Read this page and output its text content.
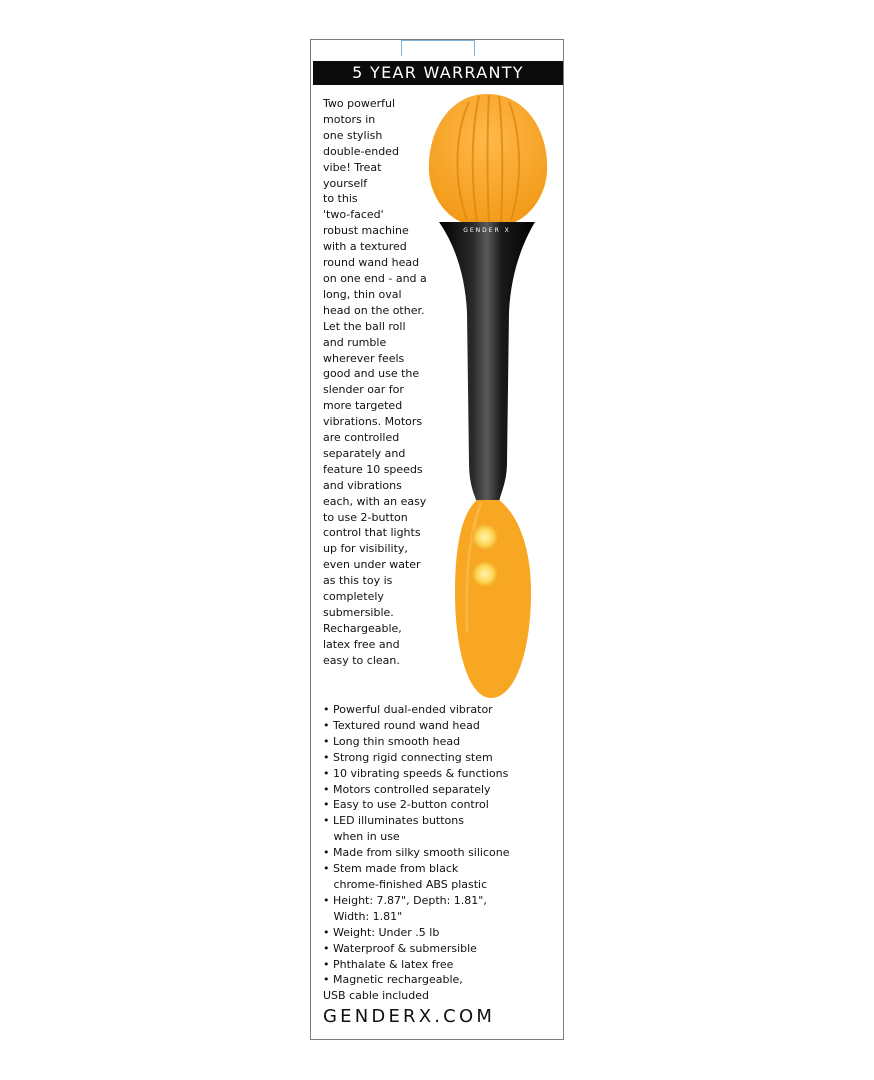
5 YEAR WARRANTY
Two powerful
motors in
one stylish
double-ended
vibe! Treat
yourself
to this
'two-faced'
robust machine
with a textured
round wand head
on one end - and a
long, thin oval
head on the other.
Let the ball roll
and rumble
wherever feels
good and use the
slender oar for
more targeted
vibrations. Motors
are controlled
separately and
feature 10 speeds
and vibrations
each, with an easy
to use 2-button
control that lights
up for visibility,
even under water
as this toy is
completely
submersible.
Rechargeable,
latex free and
easy to clean.
GENDER X
• Powerful dual-ended vibrator
• Textured round wand head
• Long thin smooth head
• Strong rigid connecting stem
• 10 vibrating speeds & functions
• Motors controlled separately
• Easy to use 2-button control
• LED illuminates buttons
when in use
• Made from silky smooth silicone
• Stem made from black
chrome-finished ABS plastic
• Height: 7.87", Depth: 1.81",
Width: 1.81"
• Weight: Under .5 lb
• Waterproof & submersible
• Phthalate & latex free
• Magnetic rechargeable,
USB cable included
GENDERX.COM
